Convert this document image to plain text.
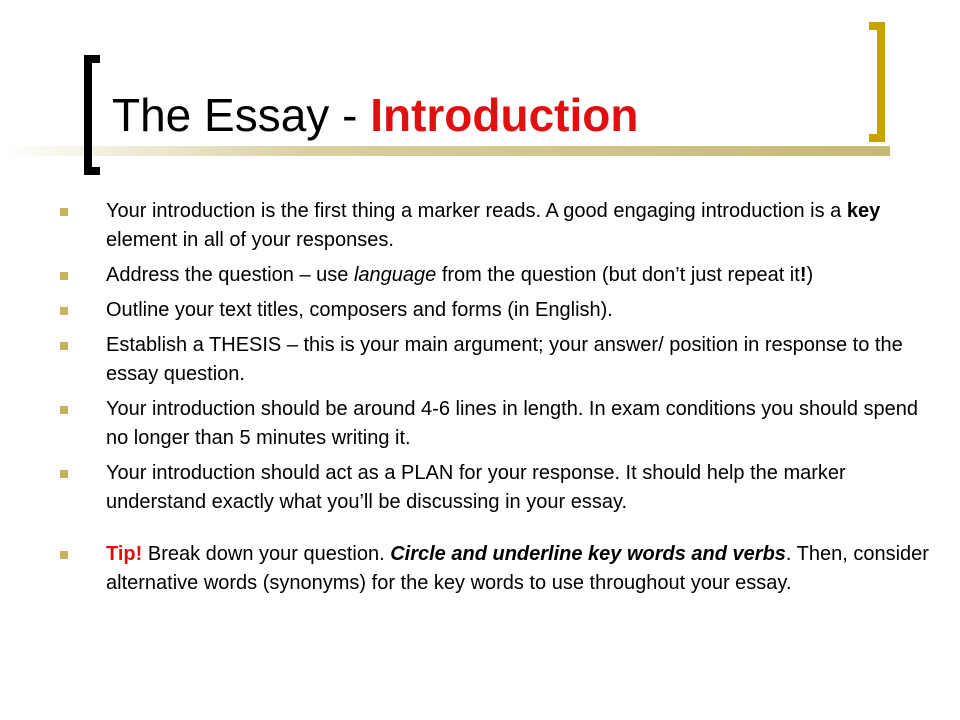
The Essay - Introduction
Your introduction is the first thing a marker reads. A good engaging introduction is a key element in all of your responses.
Address the question – use language from the question (but don’t just repeat it!)
Outline your text titles, composers and forms (in English).
Establish a THESIS – this is your main argument; your answer/ position in response to the essay question.
Your introduction should be around 4-6 lines in length. In exam conditions you should spend no longer than 5 minutes writing it.
Your introduction should act as a PLAN for your response. It should help the marker understand exactly what you’ll be discussing in your essay.
Tip! Break down your question. Circle and underline key words and verbs. Then, consider alternative words (synonyms) for the key words to use throughout your essay.
